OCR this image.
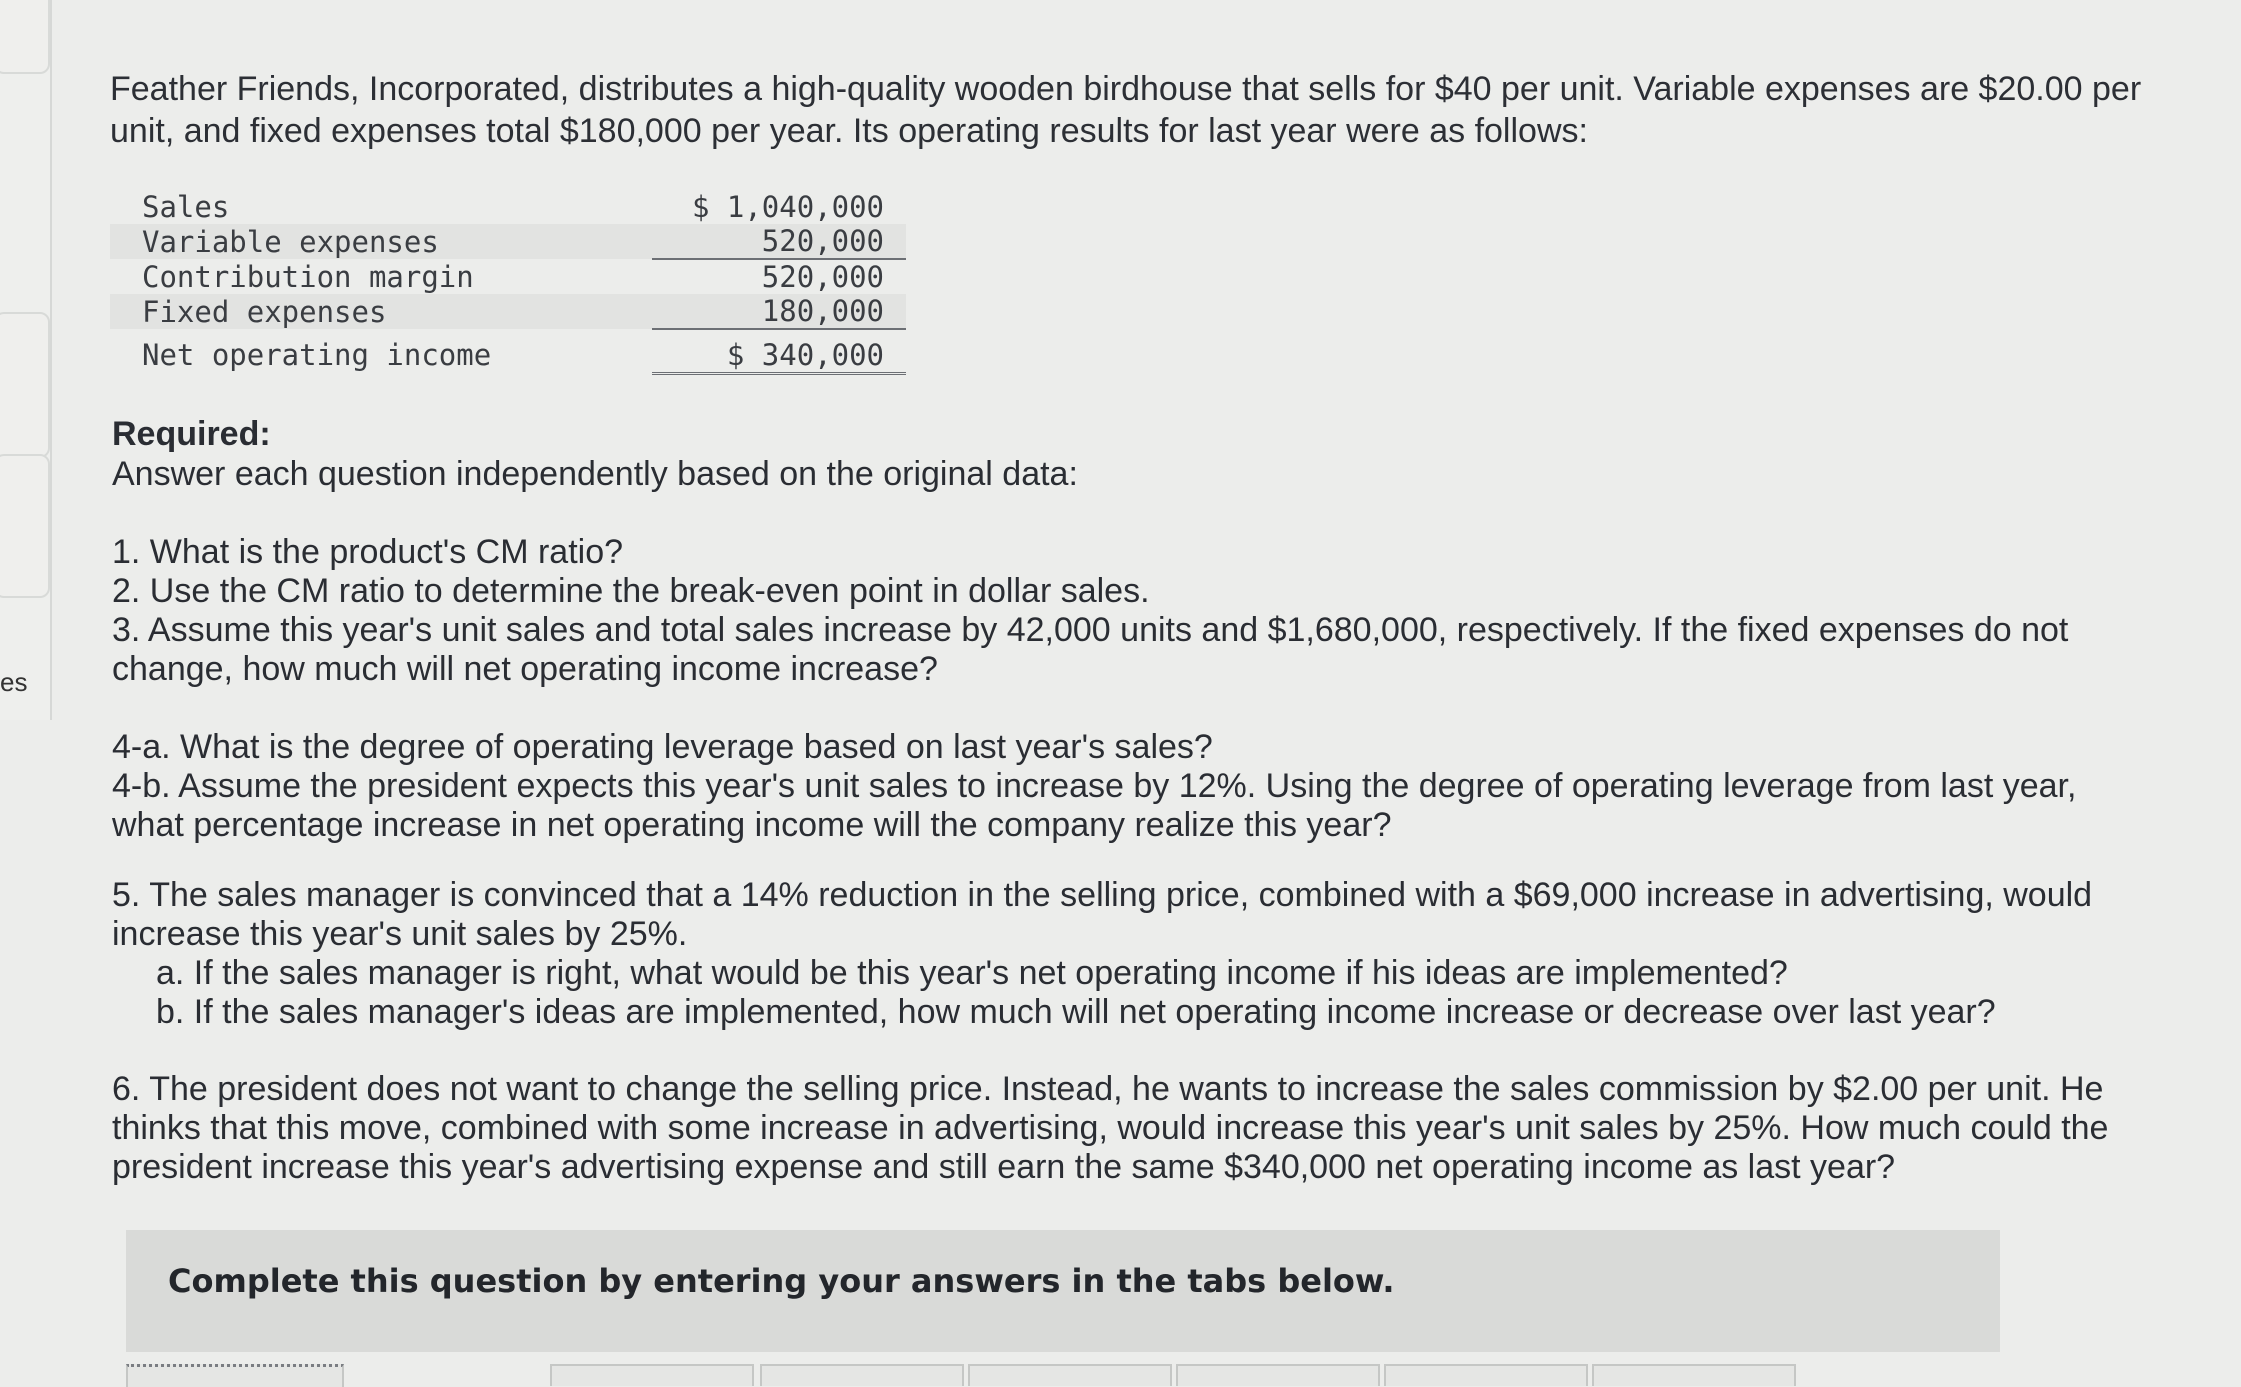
es

Feather Friends, Incorporated, distributes a high-quality wooden birdhouse that sells for $40 per unit. Variable expenses are $20.00 per unit, and fixed expenses total $180,000 per year. Its operating results for last year were as follows:

Sales	$ 1,040,000
Variable expenses	520,000
Contribution margin	520,000
Fixed expenses	180,000
Net operating income	$ 340,000
Required:
Answer each question independently based on the original data:

1. What is the product's CM ratio?

2. Use the CM ratio to determine the break-even point in dollar sales.

3. Assume this year's unit sales and total sales increase by 42,000 units and $1,680,000, respectively. If the fixed expenses do not change, how much will net operating income increase?

4-a. What is the degree of operating leverage based on last year's sales?

4-b. Assume the president expects this year's unit sales to increase by 12%. Using the degree of operating leverage from last year, what percentage increase in net operating income will the company realize this year?

5. The sales manager is convinced that a 14% reduction in the selling price, combined with a $69,000 increase in advertising, would increase this year's unit sales by 25%.

a. If the sales manager is right, what would be this year's net operating income if his ideas are implemented?

b. If the sales manager's ideas are implemented, how much will net operating income increase or decrease over last year?

6. The president does not want to change the selling price. Instead, he wants to increase the sales commission by $2.00 per unit. He thinks that this move, combined with some increase in advertising, would increase this year's unit sales by 25%. How much could the president increase this year's advertising expense and still earn the same $340,000 net operating income as last year?

Complete this question by entering your answers in the tabs below.
